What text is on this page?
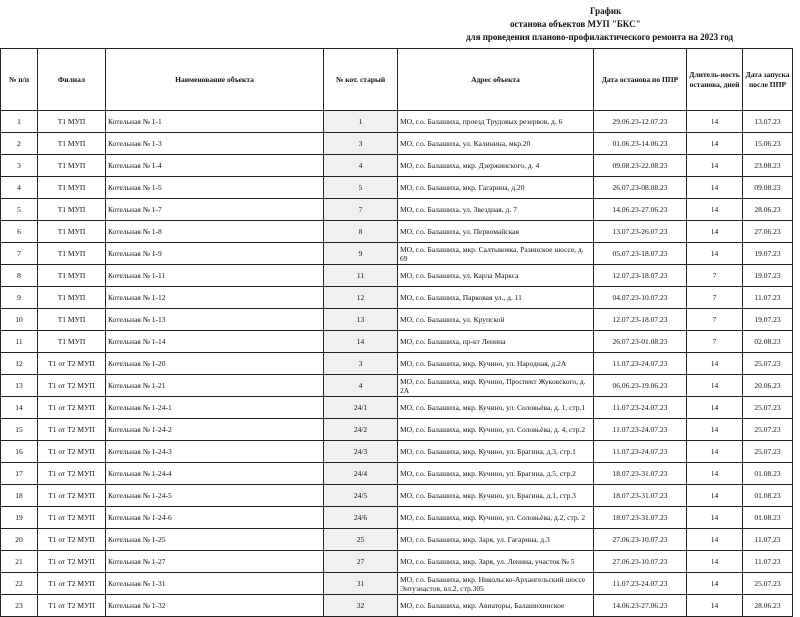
График
останова объектов МУП "БКС"
для проведения планово-профилактического ремонта на 2023 год
№ п/п	Филиал	Наименование объекта	№ кот. старый	Адрес объекта	Дата останова по ППР	Длитель-ность останова, дней	Дата запуска после ППР
1	Т1 МУП	Котельная № 1-1	1	МО, г.о. Балашиха, проезд Трудовых резервов, д. 6	29.06.23-12.07.23	14	13.07.23
2	Т1 МУП	Котельная № 1-3	3	МО, г.о. Балашиха, ул. Калинина, мкр.20	01.06.23-14.06.23	14	15.06.23
3	Т1 МУП	Котельная № 1-4	4	МО, г.о. Балашиха, мкр. Дзержинского, д. 4	09.08.23-22.08.23	14	23.08.23
4	Т1 МУП	Котельная № 1-5	5	МО, г.о. Балашиха, мкр. Гагарина, д.20	26.07.23-08.08.23	14	09.08.23
5	Т1 МУП	Котельная № 1-7	7	МО, г.о. Балашиха, ул. Звездная, д. 7	14.06.23-27.06.23	14	28.06.23
6	Т1 МУП	Котельная № 1-8	8	МО, г.о. Балашиха, ул. Первомайская	13.07.23-26.07.23	14	27.06.23
7	Т1 МУП	Котельная № 1-9	9	МО, г.о. Балашиха, мкр. Салтыковка, Разинское шоссе, д. 69	05.07.23-18.07.23	14	19.07.23
8	Т1 МУП	Котельная № 1-11	11	МО, г.о. Балашиха, ул. Карла Маркса	12.07.23-18.07.23	7	19.07.23
9	Т1 МУП	Котельная № 1-12	12	МО, г.о. Балашиха, Парковая ул., д. 11	04.07.23-10.07.23	7	11.07.23
10	Т1 МУП	Котельная № 1-13	13	МО, г.о. Балашиха, ул. Крупской	12.07.23-18.07.23	7	19.07.23
11	Т1 МУП	Котельная № 1-14	14	МО, г.о. Балашиха, пр-кт Ленина	26.07.23-01.08.23	7	02.08.23
12	Т1 от Т2 МУП	Котельная № 1-20	3	МО, г.о. Балашиха, мкр. Кучино, ул. Народная, д.2А	11.07.23-24.07.23	14	25.07.23
13	Т1 от Т2 МУП	Котельная № 1-21	4	МО, г.о. Балашиха, мкр. Кучино, Проспект Жуковского, д. 2А	06.06.23-19.06.23	14	20.06.23
14	Т1 от Т2 МУП	Котельная № 1-24-1	24/1	МО, г.о. Балашиха, мкр. Кучино, ул. Соловьёва, д. 1, стр.1	11.07.23-24.07.23	14	25.07.23
15	Т1 от Т2 МУП	Котельная № 1-24-2	24/2	МО, г.о. Балашиха, мкр. Кучино, ул. Соловьёва, д. 4, стр.2	11.07.23-24.07.23	14	25.07.23
16	Т1 от Т2 МУП	Котельная № 1-24-3	24/3	МО, г.о. Балашиха, мкр. Кучино, ул. Брагина, д.3, стр.1	11.07.23-24.07.23	14	25.07.23
17	Т1 от Т2 МУП	Котельная № 1-24-4	24/4	МО, г.о. Балашиха, мкр. Кучино, ул. Брагина, д.5, стр.2	18.07.23-31.07.23	14	01.08.23
18	Т1 от Т2 МУП	Котельная № 1-24-5	24/5	МО, г.о. Балашиха, мкр. Кучино, ул. Брагина, д.1, стр.3	18.07.23-31.07.23	14	01.08.23
19	Т1 от Т2 МУП	Котельная № 1-24-6	24/6	МО, г.о. Балашиха, мкр. Кучино, ул. Соловьёва, д.2, стр. 2	18.07.23-31.07.23	14	01.08.23
20	Т1 от Т2 МУП	Котельная № 1-25	25	МО, г.о. Балашиха, мкр. Заря, ул. Гагарина, д.3	27.06.23-10.07.23	14	11.07.23
21	Т1 от Т2 МУП	Котельная № 1-27	27	МО, г.о. Балашиха, мкр. Заря, ул. Ленина, участок № 5	27.06.23-10.07.23	14	11.07.23
22	Т1 от Т2 МУП	Котельная № 1-31	31	МО, г.о. Балашиха, мкр. Никольско-Архангельский шоссе Энтузиастов, вл.2, стр.305	11.07.23-24.07.23	14	25.07.23
23	Т1 от Т2 МУП	Котельная № 1-32	32	МО, г.о. Балашиха, мкр. Авиаторы, Балашихинское	14.06.23-27.06.23	14	28.06.23
